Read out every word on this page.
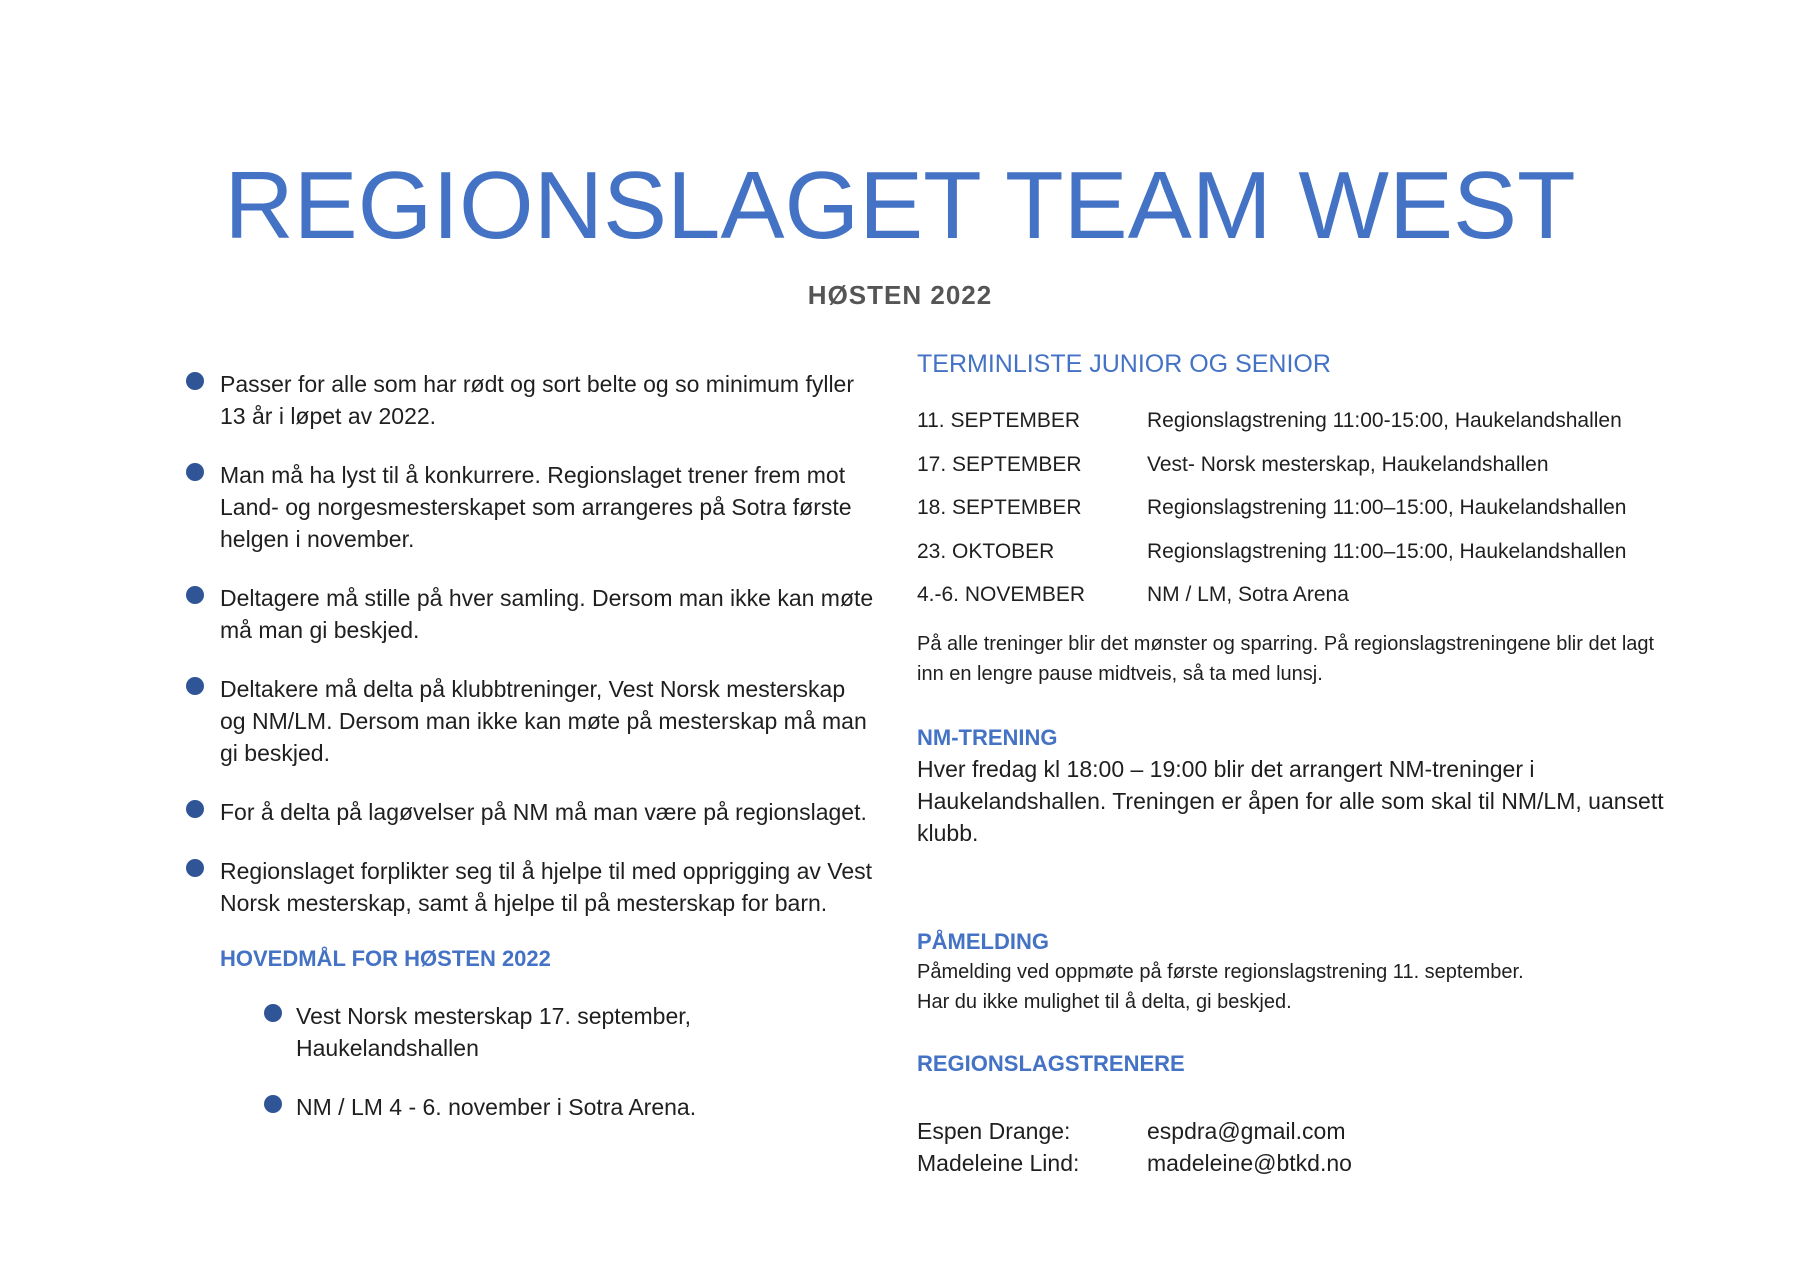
REGIONSLAGET TEAM WEST
HØSTEN 2022
Passer for alle som har rødt og sort belte og so minimum fyller 13 år i løpet av 2022.
Man må ha lyst til å konkurrere. Regionslaget trener frem mot Land- og norgesmesterskapet som arrangeres på Sotra første helgen i november.
Deltagere må stille på hver samling. Dersom man ikke kan møte må man gi beskjed.
Deltakere må delta på klubbtreninger, Vest Norsk mesterskap og NM/LM. Dersom man ikke kan møte på mesterskap må man gi beskjed.
For å delta på lagøvelser på NM må man være på regionslaget.
Regionslaget forplikter seg til å hjelpe til med opprigging av Vest Norsk mesterskap, samt å hjelpe til på mesterskap for barn.
HOVEDMÅL FOR HØSTEN 2022
Vest Norsk mesterskap 17. september, Haukelandshallen
NM / LM 4 - 6. november i Sotra Arena.
TERMINLISTE JUNIOR OG SENIOR
11. SEPTEMBER	Regionslagstrening 11:00-15:00, Haukelandshallen
17. SEPTEMBER	Vest- Norsk mesterskap, Haukelandshallen
18. SEPTEMBER	Regionslagstrening 11:00–15:00, Haukelandshallen
23. OKTOBER	Regionslagstrening 11:00–15:00, Haukelandshallen
4.-6. NOVEMBER	NM / LM, Sotra Arena
På alle treninger blir det mønster og sparring. På regionslagstreningene blir det lagt inn en lengre pause midtveis, så ta med lunsj.
NM-TRENING
Hver fredag kl 18:00 – 19:00 blir det arrangert NM-treninger i Haukelandshallen. Treningen er åpen for alle som skal til NM/LM, uansett klubb.
PÅMELDING
Påmelding ved oppmøte på første regionslagstrening 11. september.
Har du ikke mulighet til å delta, gi beskjed.
REGIONSLAGSTRENERE
Espen Drange:	espdra@gmail.com
Madeleine Lind:	madeleine@btkd.no
